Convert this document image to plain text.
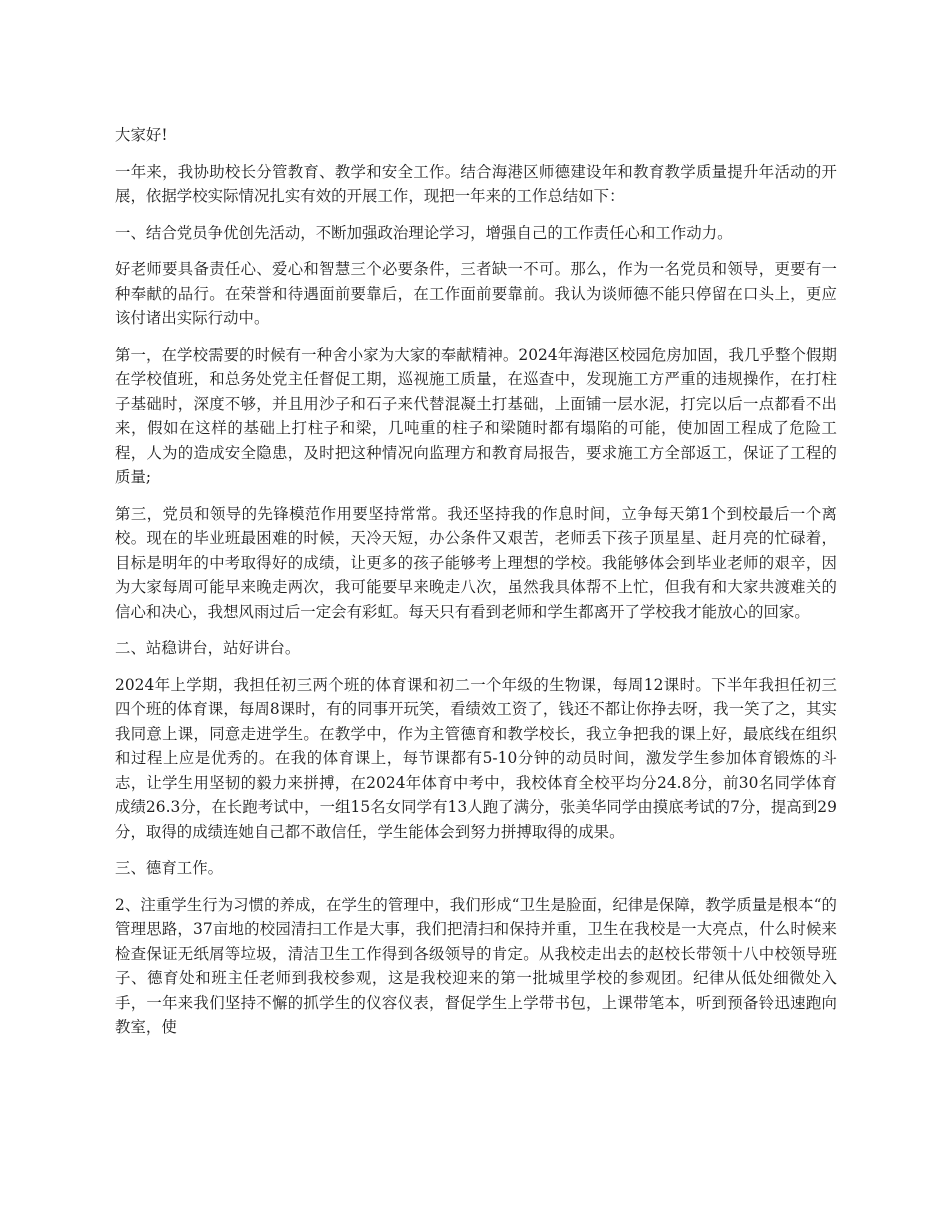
大家好!

一年来，我协助校长分管教育、教学和安全工作。结合海港区师德建设年和教育教学质量提升年活动的开展，依据学校实际情况扎实有效的开展工作，现把一年来的工作总结如下：

一、结合党员争优创先活动，不断加强政治理论学习，增强自己的工作责任心和工作动力。

好老师要具备责任心、爱心和智慧三个必要条件，三者缺一不可。那么，作为一名党员和领导，更要有一种奉献的品行。在荣誉和待遇面前要靠后，在工作面前要靠前。我认为谈师德不能只停留在口头上，更应该付诸出实际行动中。

第一，在学校需要的时候有一种舍小家为大家的奉献精神。2024年海港区校园危房加固，我几乎整个假期在学校值班，和总务处党主任督促工期，巡视施工质量，在巡查中，发现施工方严重的违规操作，在打柱子基础时，深度不够，并且用沙子和石子来代替混凝土打基础，上面铺一层水泥，打完以后一点都看不出来，假如在这样的基础上打柱子和梁，几吨重的柱子和梁随时都有塌陷的可能，使加固工程成了危险工程，人为的造成安全隐患，及时把这种情况向监理方和教育局报告，要求施工方全部返工，保证了工程的质量;

第三，党员和领导的先锋模范作用要坚持常常。我还坚持我的作息时间，立争每天第1个到校最后一个离校。现在的毕业班最困难的时候，天冷天短，办公条件又艰苦，老师丢下孩子顶星星、赶月亮的忙碌着，目标是明年的中考取得好的成绩，让更多的孩子能够考上理想的学校。我能够体会到毕业老师的艰辛，因为大家每周可能早来晚走两次，我可能要早来晚走八次，虽然我具体帮不上忙，但我有和大家共渡难关的信心和决心，我想风雨过后一定会有彩虹。每天只有看到老师和学生都离开了学校我才能放心的回家。

二、站稳讲台，站好讲台。

2024年上学期，我担任初三两个班的体育课和初二一个年级的生物课，每周12课时。下半年我担任初三四个班的体育课，每周8课时，有的同事开玩笑，看绩效工资了，钱还不都让你挣去呀，我一笑了之，其实我同意上课，同意走进学生。在教学中，作为主管德育和教学校长，我立争把我的课上好，最底线在组织和过程上应是优秀的。在我的体育课上，每节课都有5-10分钟的动员时间，激发学生参加体育锻炼的斗志，让学生用坚韧的毅力来拼搏，在2024年体育中考中，我校体育全校平均分24.8分，前30名同学体育成绩26.3分，在长跑考试中，一组15名女同学有13人跑了满分，张美华同学由摸底考试的7分，提高到29分，取得的成绩连她自己都不敢信任，学生能体会到努力拼搏取得的成果。

三、德育工作。

2、注重学生行为习惯的养成，在学生的管理中，我们形成“卫生是脸面，纪律是保障，教学质量是根本“的管理思路，37亩地的校园清扫工作是大事，我们把清扫和保持并重，卫生在我校是一大亮点，什么时候来检查保证无纸屑等垃圾，清洁卫生工作得到各级领导的肯定。从我校走出去的赵校长带领十八中校领导班子、德育处和班主任老师到我校参观，这是我校迎来的第一批城里学校的参观团。纪律从低处细微处入手，一年来我们坚持不懈的抓学生的仪容仪表，督促学生上学带书包，上课带笔本，听到预备铃迅速跑向教室，使
